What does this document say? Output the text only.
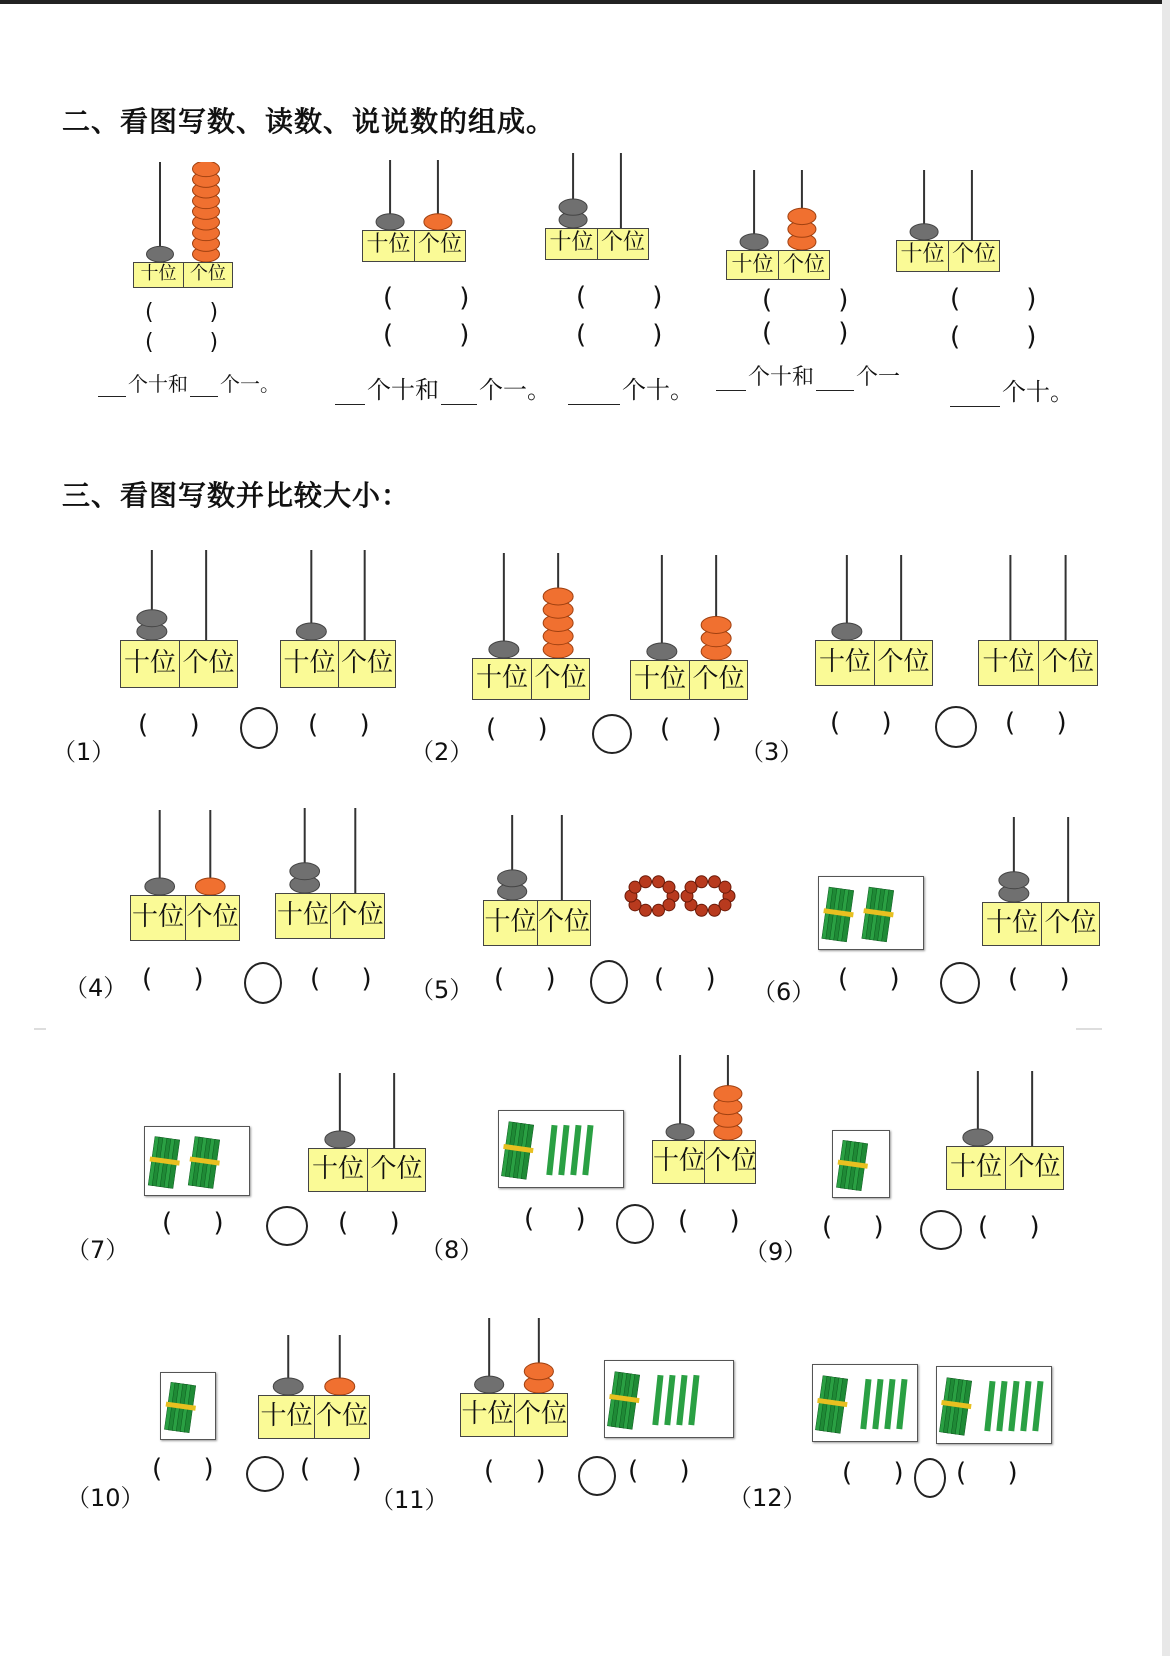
二、看图写数、读数、说说数的组成。
十位 个位
十位 个位	十位 个位
十位 个位	十位 个位
(        )
(        )
(        )
(        )
(        )
(        )
(        )
(        )
(        )
(        )
个十和 个一。	个十和 个一。	个十。	个十和 个一
个十。
三、看图写数并比较大小：
十位 个位 十位 个位	十位 个位 十位 个位
十位 个位 十位 个位
十位 个位 十位 个位	十位 个位	十位 个位
十位 个位	十位 个位	十位 个位
十位 个位	十位 个位
（1）
(     )	(     )
（2）
(     )	(     )
（3）
(     )	(     )
（4） (     )	(     ) （5） (     )	(     ) （6） (     )	(     )
（7）
(     )	(     )
（8）
(     )	(     )
（9）
(     )	(     )
（10）
(     )	(     )
（11）
(     )	(     )
（12）
(     ) (     )
